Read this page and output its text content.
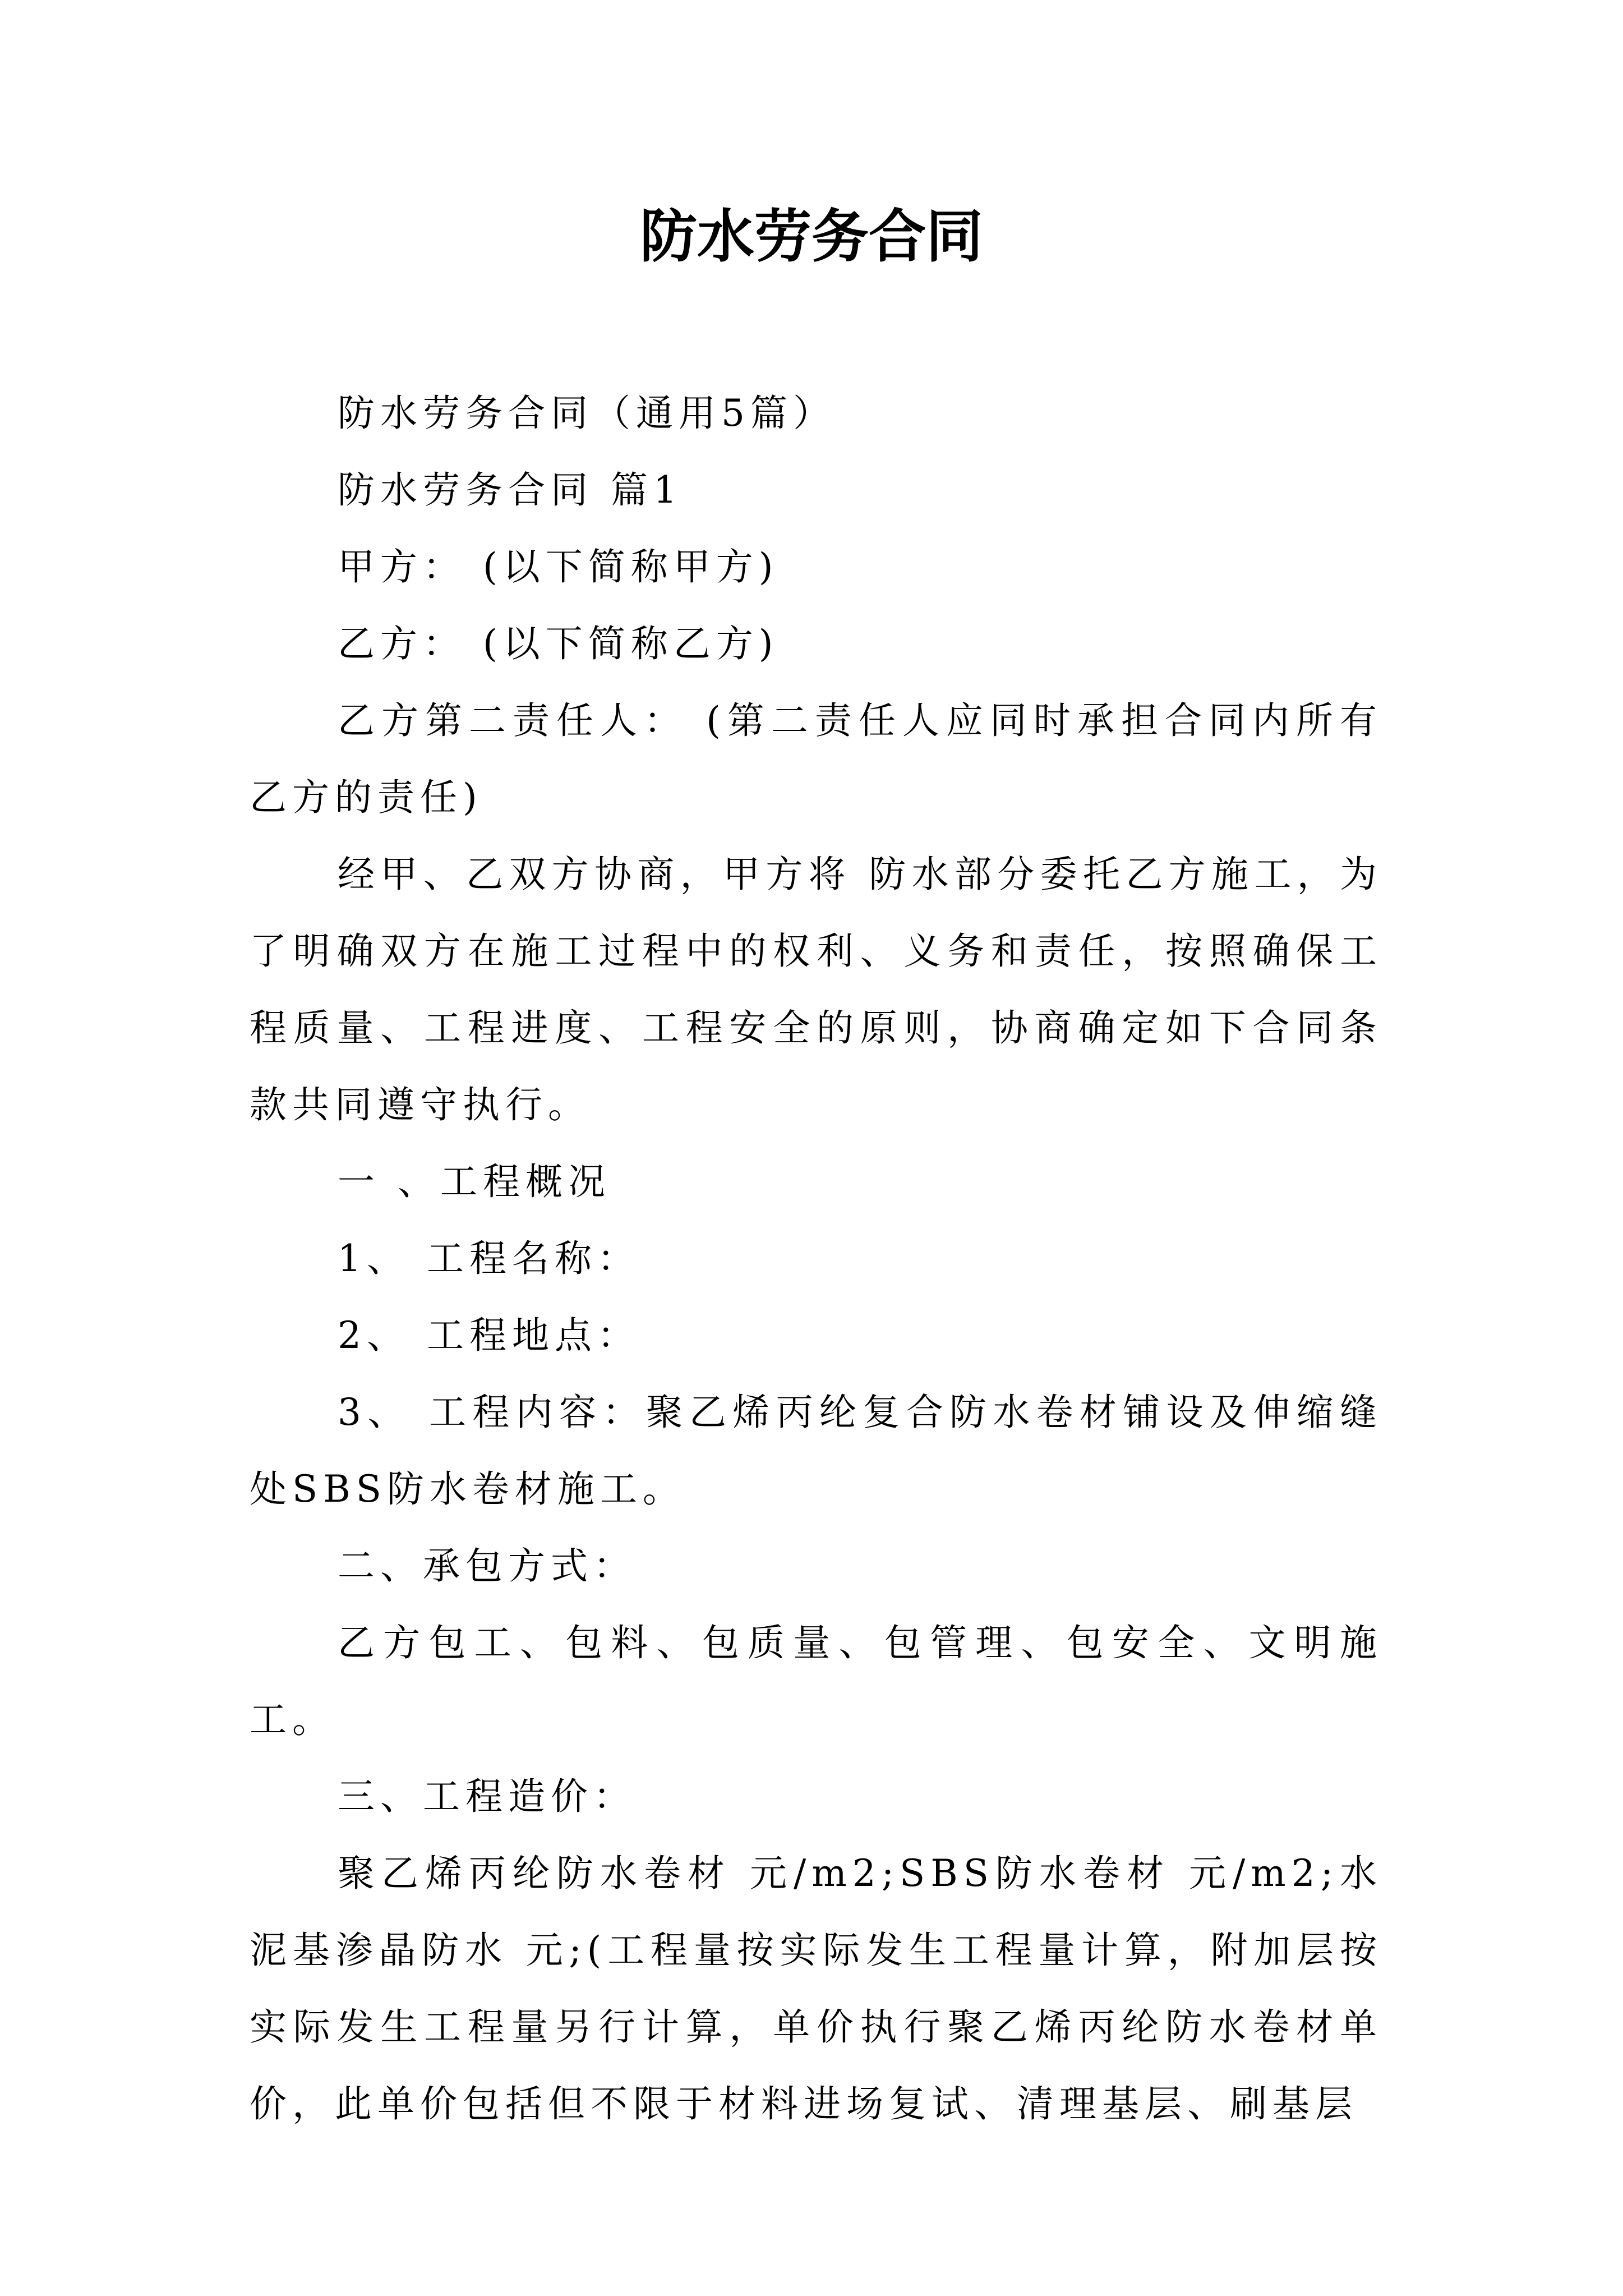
防水劳务合同

防水劳务合同（通用5篇）

防水劳务合同 篇1

甲方： (以下简称甲方)

乙方： (以下简称乙方)

乙方第二责任人： (第二责任人应同时承担合同内所有乙方的责任)

经甲、乙双方协商，甲方将 防水部分委托乙方施工，为了明确双方在施工过程中的权利、义务和责任，按照确保工程质量、工程进度、工程安全的原则，协商确定如下合同条款共同遵守执行。

一 、工程概况

1、 工程名称：

2、 工程地点：

3、 工程内容：聚乙烯丙纶复合防水卷材铺设及伸缩缝处SBS防水卷材施工。

二、承包方式：

乙方包工、包料、包质量、包管理、包安全、文明施工。

三、工程造价：

聚乙烯丙纶防水卷材 元/m2;SBS防水卷材 元/m2;水泥基渗晶防水 元;(工程量按实际发生工程量计算，附加层按实际发生工程量另行计算，单价执行聚乙烯丙纶防水卷材单价，此单价包括但不限于材料进场复试、清理基层、刷基层
